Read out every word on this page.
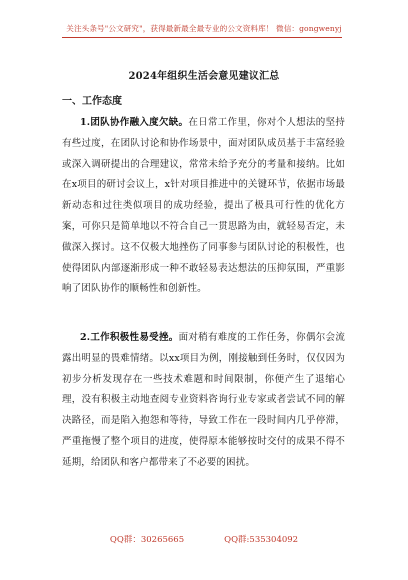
关注头条号"公文研究"，获得最新最全最专业的公文资料库！ 微信：gongwenyj
2024年组织生活会意见建议汇总
一、工作态度
1.团队协作融入度欠缺。在日常工作里，你对个人想法的坚持有些过度，在团队讨论和协作场景中，面对团队成员基于丰富经验或深入调研提出的合理建议，常常未给予充分的考量和接纳。比如在x项目的研讨会议上，x针对项目推进中的关键环节，依据市场最新动态和过往类似项目的成功经验，提出了极具可行性的优化方案，可你只是简单地以不符合自己一贯思路为由，就轻易否定，未做深入探讨。这不仅极大地挫伤了同事参与团队讨论的积极性，也使得团队内部逐渐形成一种不敢轻易表达想法的压抑氛围，严重影响了团队协作的顺畅性和创新性。
2.工作积极性易受挫。面对稍有难度的工作任务，你偶尔会流露出明显的畏难情绪。以xx项目为例，刚接触到任务时，仅仅因为初步分析发现存在一些技术难题和时间限制，你便产生了退缩心理，没有积极主动地查阅专业资料咨询行业专家或者尝试不同的解决路径，而是陷入抱怨和等待，导致工作在一段时间内几乎停滞，严重拖慢了整个项目的进度，使得原本能够按时交付的成果不得不延期，给团队和客户都带来了不必要的困扰。
QQ群：30265665	QQ群:535304092
